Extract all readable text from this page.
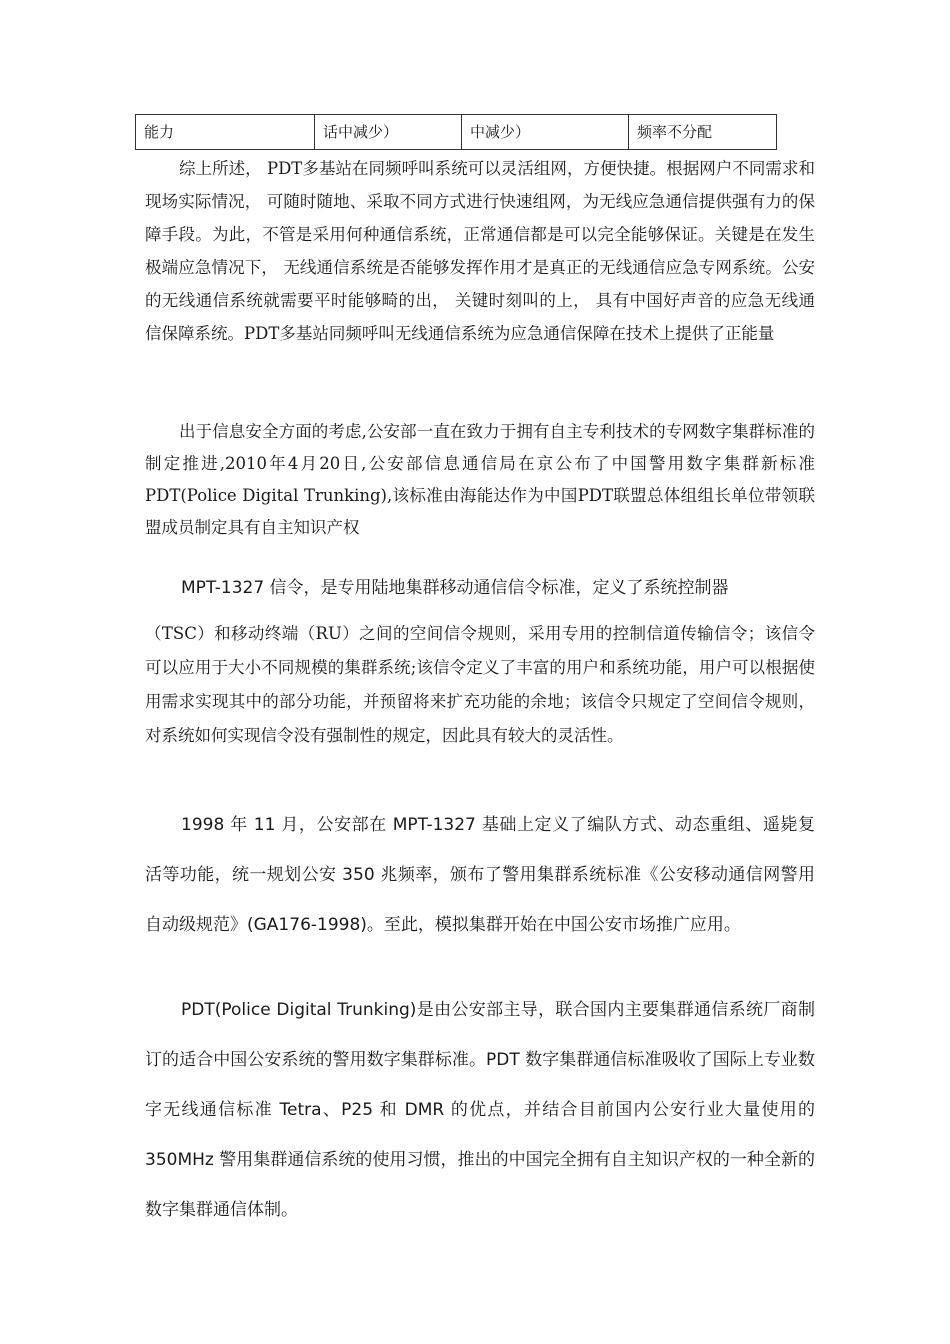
能力	话中减少）	中减少）	频率不分配

综上所述， PDT多基站在同频呼叫系统可以灵活组网，方便快捷。根据网户不同需求和现场实际情况， 可随时随地、采取不同方式进行快速组网，为无线应急通信提供强有力的保障手段。为此，不管是采用何种通信系统，正常通信都是可以完全能够保证。关键是在发生极端应急情况下， 无线通信系统是否能够发挥作用才是真正的无线通信应急专网系统。公安的无线通信系统就需要平时能够畸的出， 关键时刻叫的上， 具有中国好声音的应急无线通信保障系统。PDT多基站同频呼叫无线通信系统为应急通信保障在技术上提供了正能量

出于信息安全方面的考虑,公安部一直在致力于拥有自主专利技术的专网数字集群标准的制定推进,2010年4月20日,公安部信息通信局在京公布了中国警用数字集群新标准 PDT(Police Digital Trunking),该标准由海能达作为中国PDT联盟总体组组长单位带领联盟成员制定具有自主知识产权

MPT-1327 信令，是专用陆地集群移动通信信令标准，定义了系统控制器
（TSC）和移动终端（RU）之间的空间信令规则，采用专用的控制信道传输信令；该信令可以应用于大小不同规模的集群系统;该信令定义了丰富的用户和系统功能，用户可以根据使用需求实现其中的部分功能，并预留将来扩充功能的余地；该信令只规定了空间信令规则，对系统如何实现信令没有强制性的规定，因此具有较大的灵活性。

1998 年 11 月，公安部在 MPT-1327 基础上定义了编队方式、动态重组、遥毙复活等功能，统一规划公安 350 兆频率，颁布了警用集群系统标准《公安移动通信网警用自动级规范》(GA176-1998)。至此，模拟集群开始在中国公安市场推广应用。

PDT(Police Digital Trunking)是由公安部主导，联合国内主要集群通信系统厂商制订的适合中国公安系统的警用数字集群标准。PDT 数字集群通信标准吸收了国际上专业数字无线通信标准 Tetra、P25 和 DMR 的优点，并结合目前国内公安行业大量使用的 350MHz 警用集群通信系统的使用习惯，推出的中国完全拥有自主知识产权的一种全新的数字集群通信体制。
